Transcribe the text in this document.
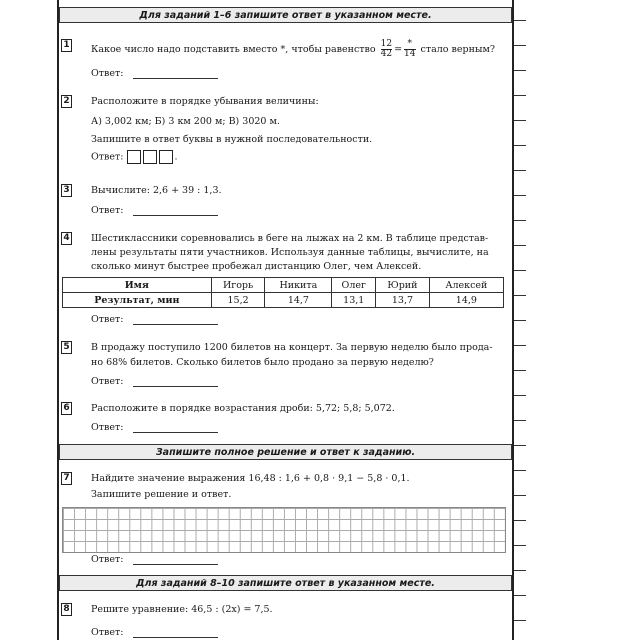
Для заданий 1–6 запишите ответ в указанном месте.
1 Какое число надо подставить вместо *, чтобы равенство $\frac{12}{42} = \frac{*}{14}$ стало верным?
Ответ:
2 Расположите в порядке убывания величины:
А) 3,002 км; Б) 3 км 200 м; В) 3020 м.
Запишите в ответ буквы в нужной последовательности.
Ответ:	.
3 Вычислите: 2,6 + 39 : 1,3.
Ответ:
4 Шестиклассники соревновались в беге на лыжах на 2 км. В таблице представ-
лены результаты пяти участников. Используя данные таблицы, вычислите, на
сколько минут быстрее пробежал дистанцию Олег, чем Алексей.
Имя	Игорь	Никита	Олег	Юрий	Алексей
Результат, мин	15,2	14,7	13,1	13,7	14,9
Ответ:
5 В продажу поступило 1200 билетов на концерт. За первую неделю было прода-
но 68% билетов. Сколько билетов было продано за первую неделю?
Ответ:
6 Расположите в порядке возрастания дроби: 5,72; 5,8; 5,072.
Ответ:
Запишите полное решение и ответ к заданию.
7 Найдите значение выражения 16,48 : 1,6 + 0,8 · 9,1 − 5,8 · 0,1.
Запишите решение и ответ.
Ответ:
Для заданий 8–10 запишите ответ в указанном месте.
8 Решите уравнение: 46,5 : (2x) = 7,5.
Ответ:
